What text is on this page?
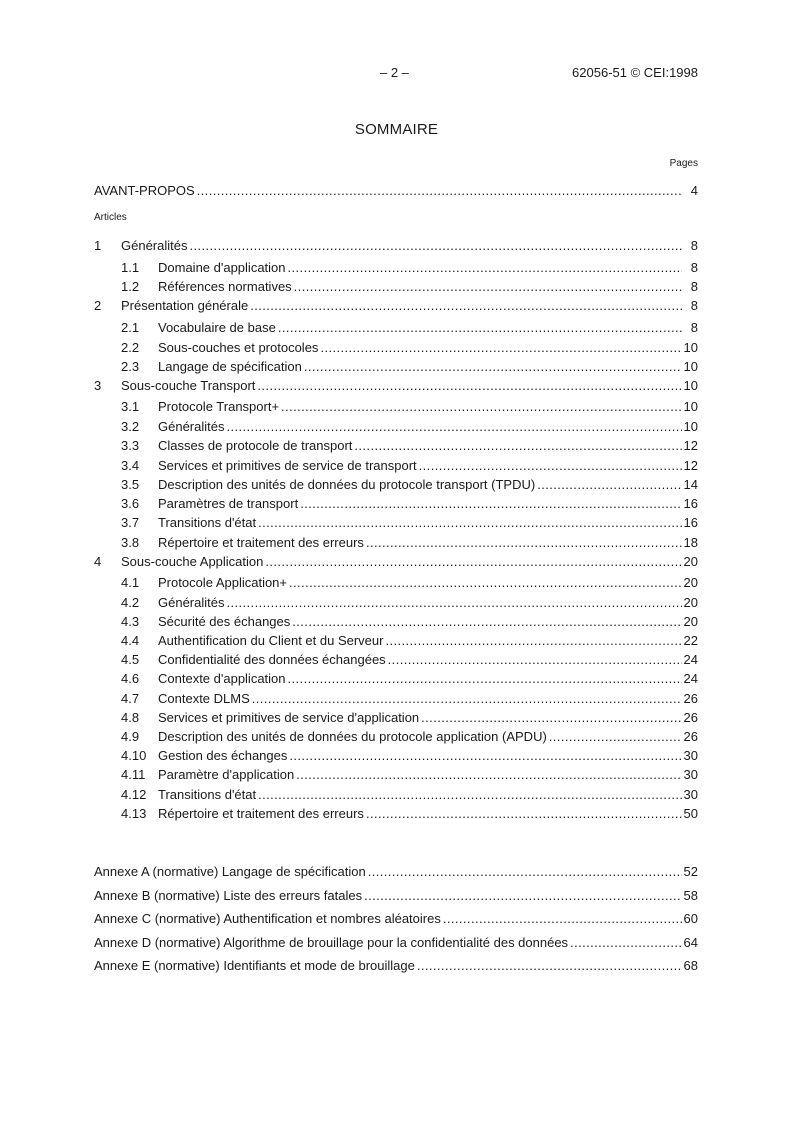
– 2 –	62056-51 © CEI:1998
SOMMAIRE
Pages
AVANT-PROPOS .....	4
Articles
1	Généralités .....	8
1.1	Domaine d'application .....	8
1.2	Références normatives .....	8
2	Présentation générale .....	8
2.1	Vocabulaire de base .....	8
2.2	Sous-couches et protocoles .....	10
2.3	Langage de spécification .....	10
3	Sous-couche Transport .....	10
3.1	Protocole Transport+ .....	10
3.2	Généralités .....	10
3.3	Classes de protocole de transport .....	12
3.4	Services et primitives de service de transport .....	12
3.5	Description des unités de données du protocole transport (TPDU) .....	14
3.6	Paramètres de transport .....	16
3.7	Transitions d'état .....	16
3.8	Répertoire et traitement des erreurs .....	18
4	Sous-couche Application .....	20
4.1	Protocole Application+ .....	20
4.2	Généralités .....	20
4.3	Sécurité des échanges .....	20
4.4	Authentification du Client et du Serveur .....	22
4.5	Confidentialité des données échangées .....	24
4.6	Contexte d'application .....	24
4.7	Contexte DLMS .....	26
4.8	Services et primitives de service d'application .....	26
4.9	Description des unités de données du protocole application (APDU) .....	26
4.10 Gestion des échanges .....	30
4.11 Paramètre d'application .....	30
4.12 Transitions d'état .....	30
4.13 Répertoire et traitement des erreurs .....	50
Annexe A (normative) Langage de spécification .....	52
Annexe B (normative) Liste des erreurs fatales .....	58
Annexe C (normative) Authentification et nombres aléatoires .....	60
Annexe D (normative) Algorithme de brouillage pour la confidentialité des données .....	64
Annexe E (normative) Identifiants et mode de brouillage .....	68
